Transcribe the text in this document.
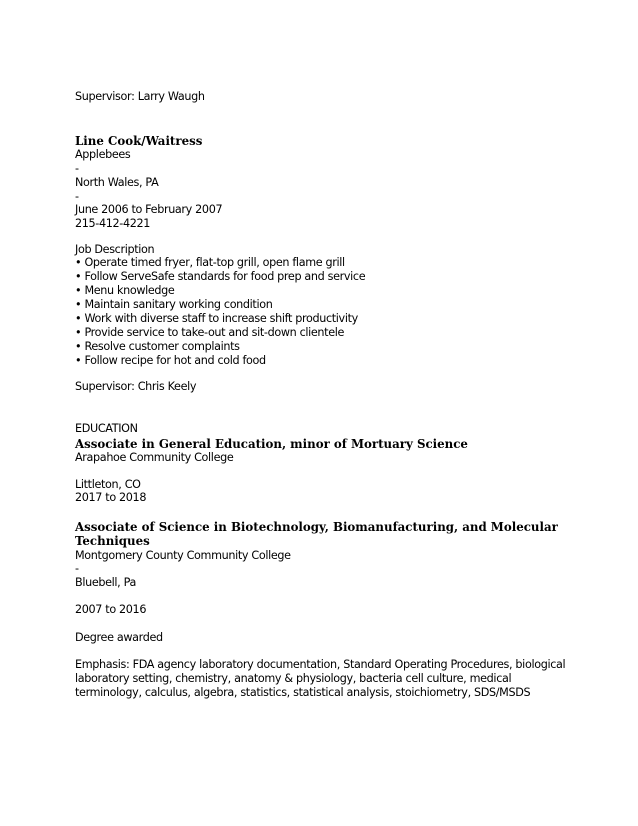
Supervisor: Larry Waugh
Line Cook/Waitress
Applebees
-
North Wales, PA
-
June 2006 to February 2007
215-412-4221
Job Description
• Operate timed fryer, flat-top grill, open flame grill
• Follow ServeSafe standards for food prep and service
• Menu knowledge
• Maintain sanitary working condition
• Work with diverse staff to increase shift productivity
• Provide service to take-out and sit-down clientele
• Resolve customer complaints
• Follow recipe for hot and cold food
Supervisor: Chris Keely
EDUCATION
Associate in General Education, minor of Mortuary Science
Arapahoe Community College
Littleton, CO
2017 to 2018
Associate of Science in Biotechnology, Biomanufacturing, and Molecular
Techniques
Montgomery County Community College
-
Bluebell, Pa
2007 to 2016
Degree awarded
Emphasis: FDA agency laboratory documentation, Standard Operating Procedures, biological laboratory setting, chemistry, anatomy & physiology, bacteria cell culture, medical terminology, calculus, algebra, statistics, statistical analysis, stoichiometry, SDS/MSDS
